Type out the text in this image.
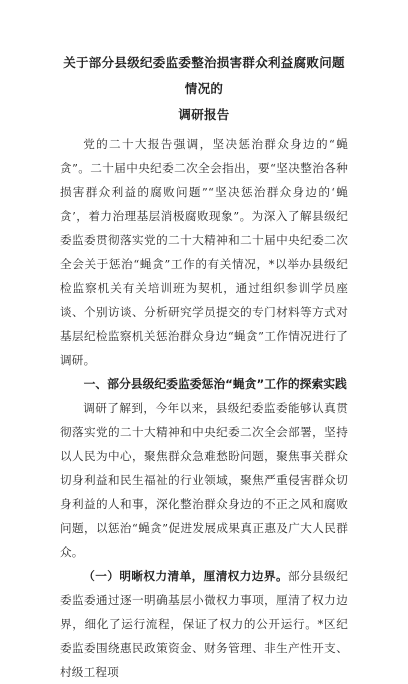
关于部分县级纪委监委整治损害群众利益腐败问题情况的
调研报告

党的二十大报告强调，坚决惩治群众身边的“蝇贪”。二十届中央纪委二次全会指出，要“坚决整治各种损害群众利益的腐败问题”“坚决惩治群众身边的‘蝇贪’，着力治理基层消极腐败现象”。为深入了解县级纪委监委贯彻落实党的二十大精神和二十届中央纪委二次全会关于惩治“蝇贪”工作的有关情况，*以举办县级纪检监察机关有关培训班为契机，通过组织参训学员座谈、个别访谈、分析研究学员提交的专门材料等方式对基层纪检监察机关惩治群众身边“蝇贪”工作情况进行了调研。

一、部分县级纪委监委惩治“蝇贪”工作的探索实践

调研了解到，今年以来，县级纪委监委能够认真贯彻落实党的二十大精神和中央纪委二次全会部署，坚持以人民为中心，聚焦群众急难愁盼问题，聚焦事关群众切身利益和民生福祉的行业领域，聚焦严重侵害群众切身利益的人和事，深化整治群众身边的不正之风和腐败问题，以惩治“蝇贪”促进发展成果真正惠及广大人民群众。

（一）明晰权力清单，厘清权力边界。部分县级纪委监委通过逐一明确基层小微权力事项，厘清了权力边界，细化了运行流程，保证了权力的公开运行。*区纪委监委围绕惠民政策资金、财务管理、非生产性开支、村级工程项
